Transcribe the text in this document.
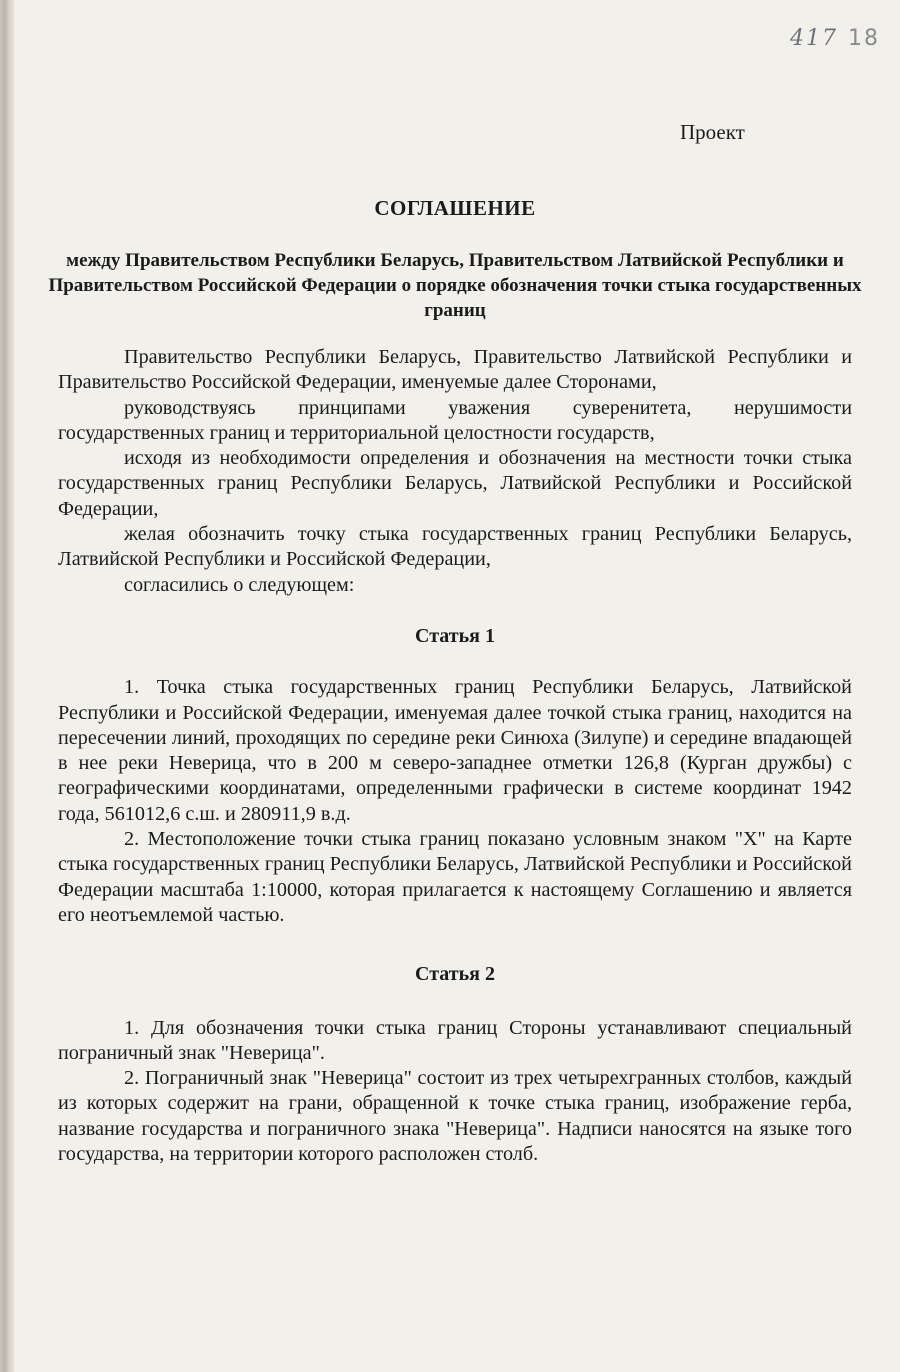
417 18
Проект
СОГЛАШЕНИЕ
между Правительством Республики Беларусь, Правительством Латвийской Республики и Правительством Российской Федерации о порядке обозначения точки стыка государственных границ

Правительство Республики Беларусь, Правительство Латвийской Республики и Правительство Российской Федерации, именуемые далее Сторонами,

руководствуясь принципами уважения суверенитета, нерушимости государственных границ и территориальной целостности государств,

исходя из необходимости определения и обозначения на местности точки стыка государственных границ Республики Беларусь, Латвийской Республики и Российской Федерации,

желая обозначить точку стыка государственных границ Республики Беларусь, Латвийской Республики и Российской Федерации,

согласились о следующем:

Статья 1

1. Точка стыка государственных границ Республики Беларусь, Латвийской Республики и Российской Федерации, именуемая далее точкой стыка границ, находится на пересечении линий, проходящих по середине реки Синюха (Зилупе) и середине впадающей в нее реки Неверица, что в 200 м северо-западнее отметки 126,8 (Курган дружбы) с географическими координатами, определенными графически в системе координат 1942 года, 561012,6 с.ш. и 280911,9 в.д.

2. Местоположение точки стыка границ показано условным знаком "X" на Карте стыка государственных границ Республики Беларусь, Латвийской Республики и Российской Федерации масштаба 1:10000, которая прилагается к настоящему Соглашению и является его неотъемлемой частью.

Статья 2

1. Для обозначения точки стыка границ Стороны устанавливают специальный пограничный знак "Неверица".

2. Пограничный знак "Неверица" состоит из трех четырехгранных столбов, каждый из которых содержит на грани, обращенной к точке стыка границ, изображение герба, название государства и пограничного знака "Неверица". Надписи наносятся на языке того государства, на территории которого расположен столб.
